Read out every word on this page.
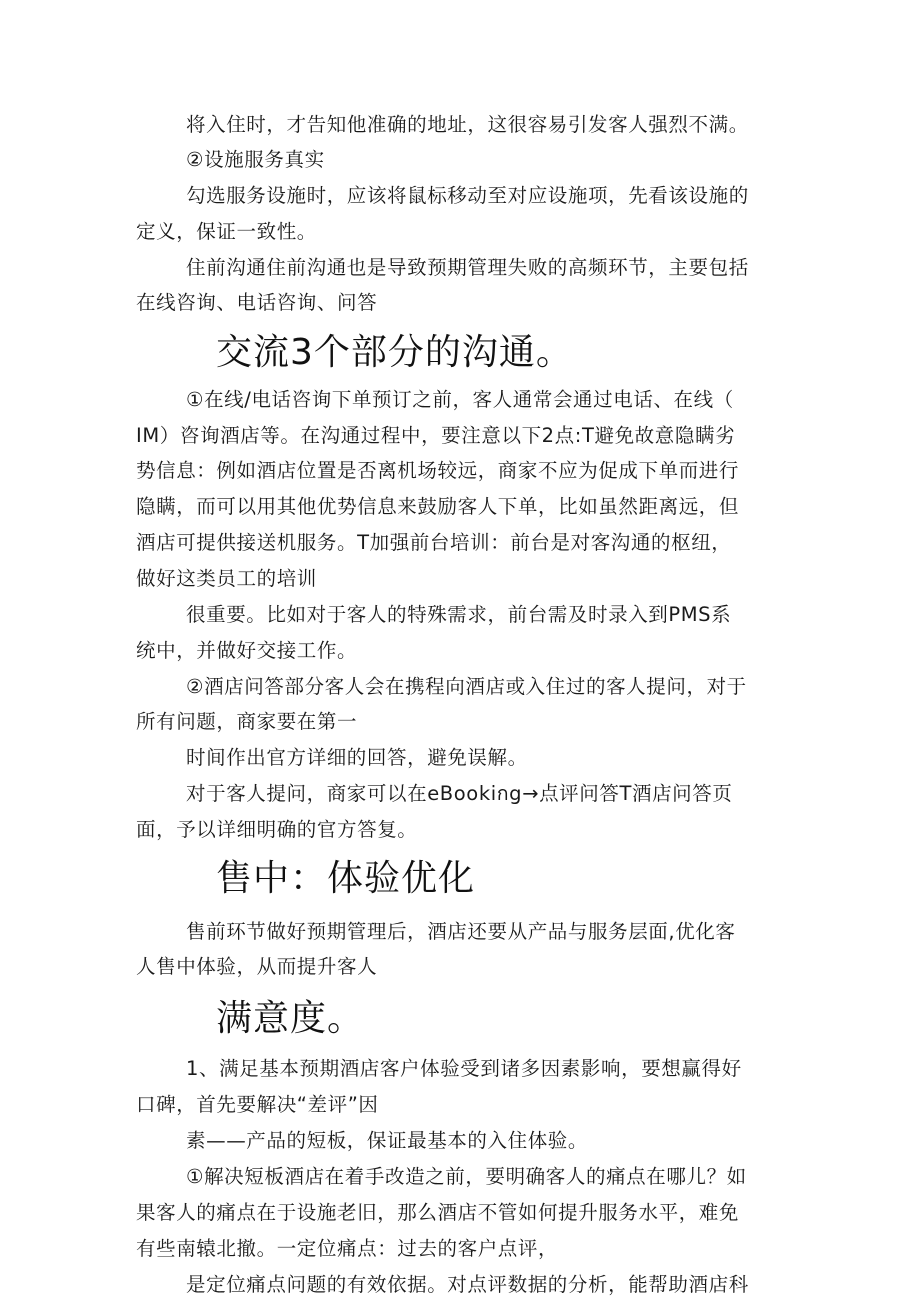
将入住时，才告知他准确的地址，这很容易引发客人强烈不满。
②设施服务真实
勾选服务设施时，应该将鼠标移动至对应设施项，先看该设施的
定义，保证一致性。
住前沟通住前沟通也是导致预期管理失败的高频环节，主要包括
在线咨询、电话咨询、问答
交流3个部分的沟通。
①在线/电话咨询下单预订之前，客人通常会通过电话、在线（
IM）咨询酒店等。在沟通过程中，要注意以下2点:T避免故意隐瞒劣
势信息：例如酒店位置是否离机场较远，商家不应为促成下单而进行
隐瞒，而可以用其他优势信息来鼓励客人下单，比如虽然距离远，但
酒店可提供接送机服务。T加强前台培训：前台是对客沟通的枢纽，
做好这类员工的培训
很重要。比如对于客人的特殊需求，前台需及时录入到PMS系
统中，并做好交接工作。
②酒店问答部分客人会在携程向酒店或入住过的客人提问，对于
所有问题，商家要在第一
时间作出官方详细的回答，避免误解。
对于客人提问，商家可以在eBookiกg→点评问答T酒店问答页
面，予以详细明确的官方答复。
售中：体验优化
售前环节做好预期管理后，酒店还要从产品与服务层面,优化客
人售中体验，从而提升客人
满意度。
1、满足基本预期酒店客户体验受到诸多因素影响，要想赢得好
口碑，首先要解决“差评”因
素——产品的短板，保证最基本的入住体验。
①解决短板酒店在着手改造之前，要明确客人的痛点在哪儿？如
果客人的痛点在于设施老旧，那么酒店不管如何提升服务水平，难免
有些南辕北撤。一定位痛点：过去的客户点评，
是定位痛点问题的有效依据。对点评数据的分析，能帮助酒店科
